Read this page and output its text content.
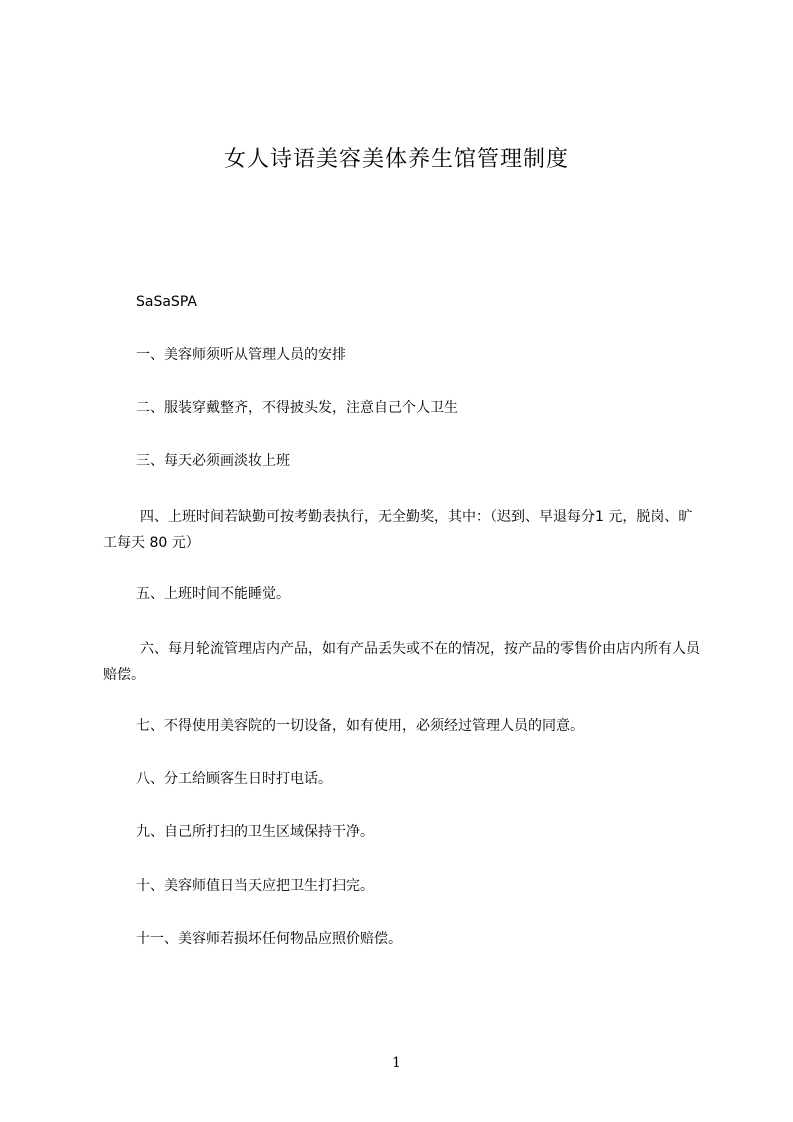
女人诗语美容美体养生馆管理制度
SaSaSPA
一、美容师须听从管理人员的安排
二、服装穿戴整齐，不得披头发，注意自己个人卫生
三、每天必须画淡妆上班
四、上班时间若缺勤可按考勤表执行，无全勤奖，其中：（迟到、早退每分1 元，脱岗、旷工每天 80 元）
五、上班时间不能睡觉。
六、每月轮流管理店内产品，如有产品丢失或不在的情况，按产品的零售价由店内所有人员赔偿。
七、不得使用美容院的一切设备，如有使用，必须经过管理人员的同意。
八、分工给顾客生日时打电话。
九、自己所打扫的卫生区域保持干净。
十、美容师值日当天应把卫生打扫完。
十一、美容师若损坏任何物品应照价赔偿。
1
